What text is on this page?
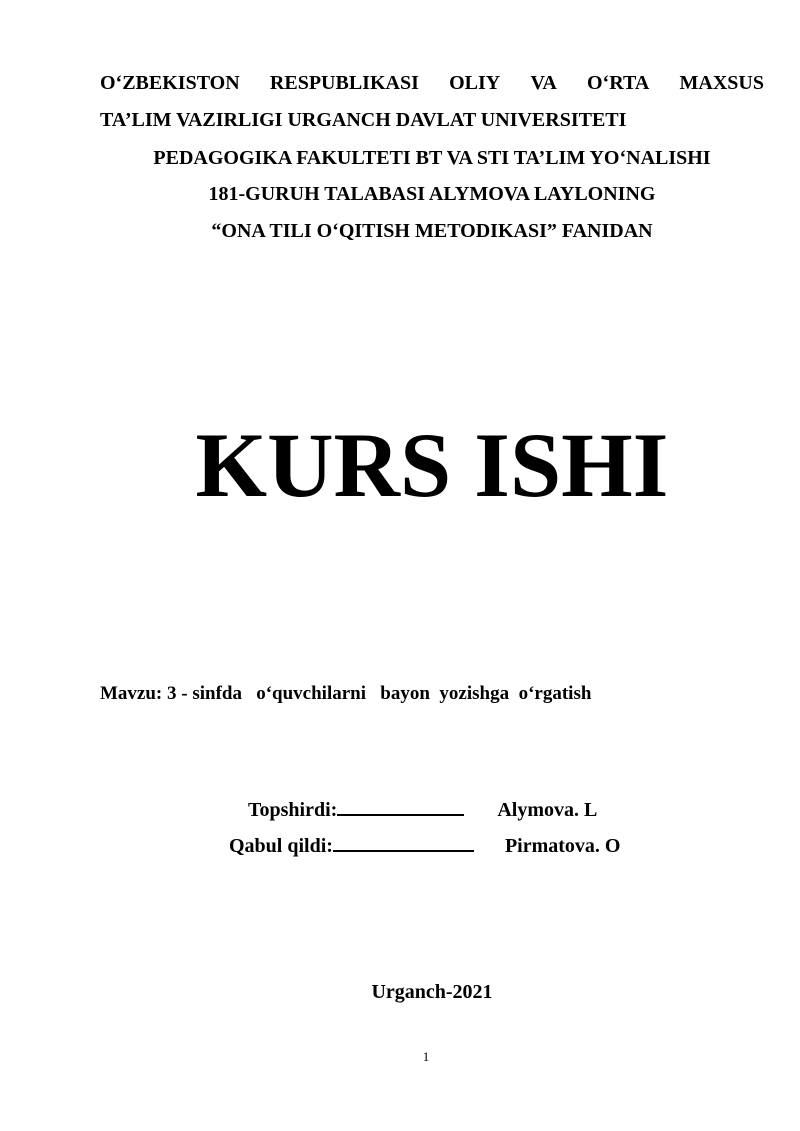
O‘ZBEKISTON RESPUBLIKASI OLIY VA O‘RTA MAXSUS
TA’LIM VAZIRLIGI URGANCH DAVLAT UNIVERSITETI
PEDAGOGIKA FAKULTETI BT VA STI TA’LIM YO‘NALISHI
181-GURUH TALABASI ALYMOVA LAYLONING
“ONA TILI O‘QITISH METODIKASI” FANIDAN
KURS ISHI
Mavzu: 3 - sinfda   o‘quvchilarni   bayon  yozishga  o‘rgatish
Topshirdi:	Alymova. L
Qabul qildi:	Pirmatova. O
Urganch-2021
1
